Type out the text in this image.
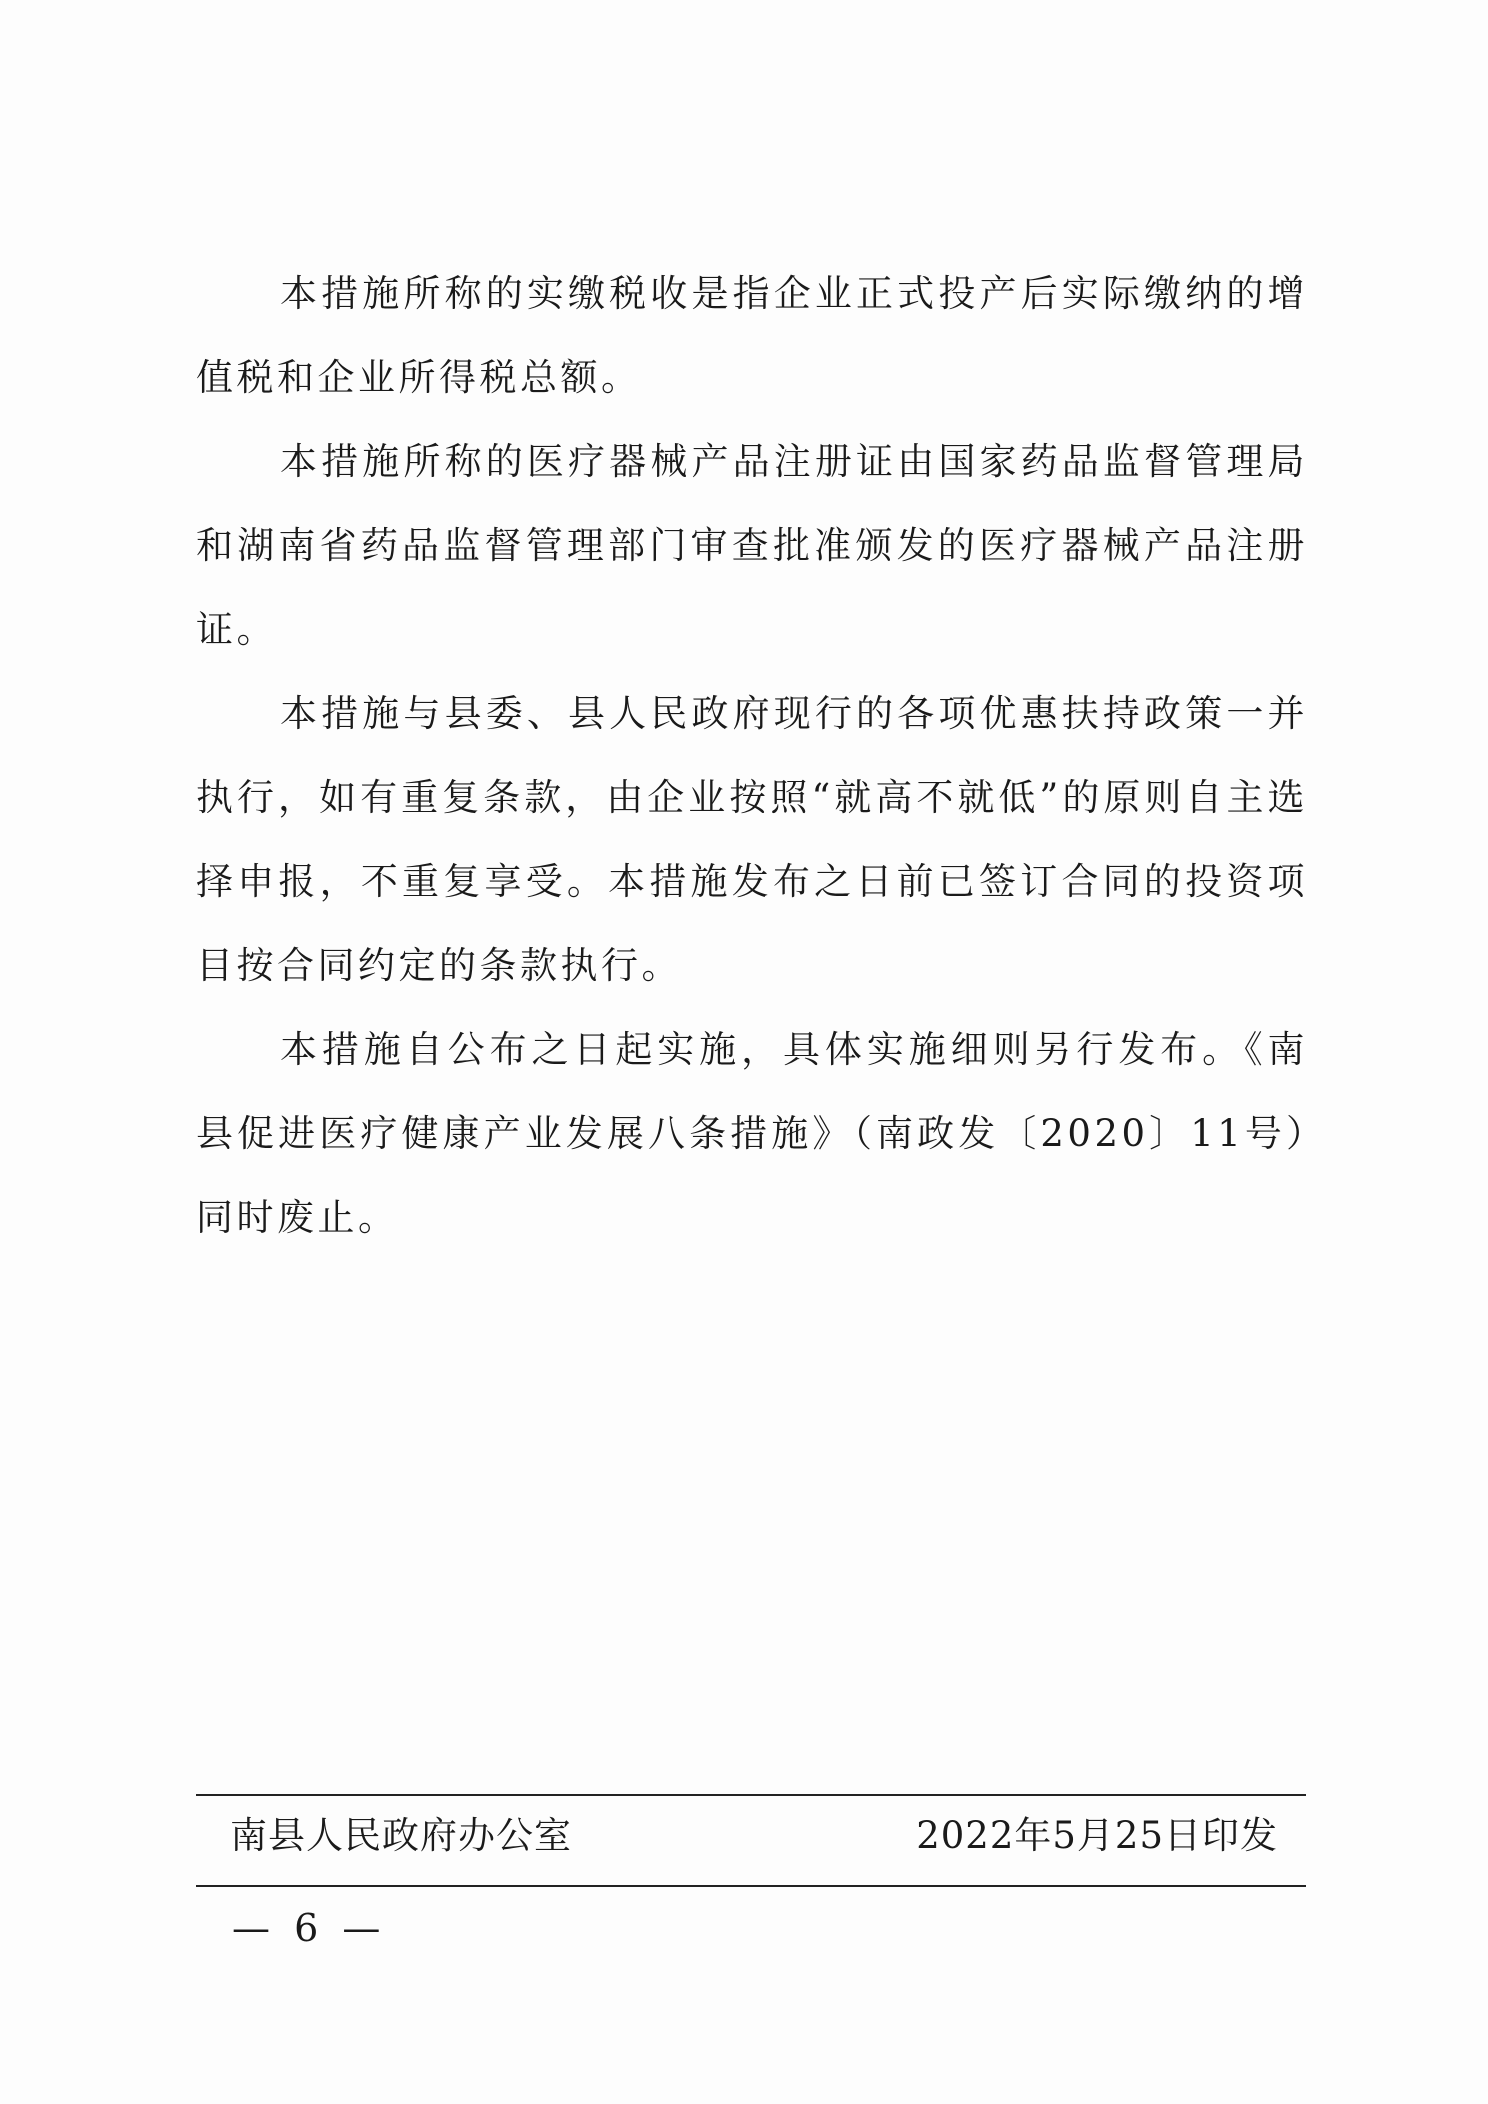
本措施所称的实缴税收是指企业正式投产后实际缴纳的增值税和企业所得税总额。

本措施所称的医疗器械产品注册证由国家药品监督管理局和湖南省药品监督管理部门审查批准颁发的医疗器械产品注册证。

本措施与县委、县人民政府现行的各项优惠扶持政策一并执行，如有重复条款，由企业按照“就高不就低”的原则自主选择申报，不重复享受。本措施发布之日前已签订合同的投资项目按合同约定的条款执行。

本措施自公布之日起实施，具体实施细则另行发布。《南县促进医疗健康产业发展八条措施》（南政发〔2020〕11号）同时废止。

南县人民政府办公室	2022年5月25日印发
— 6 —
